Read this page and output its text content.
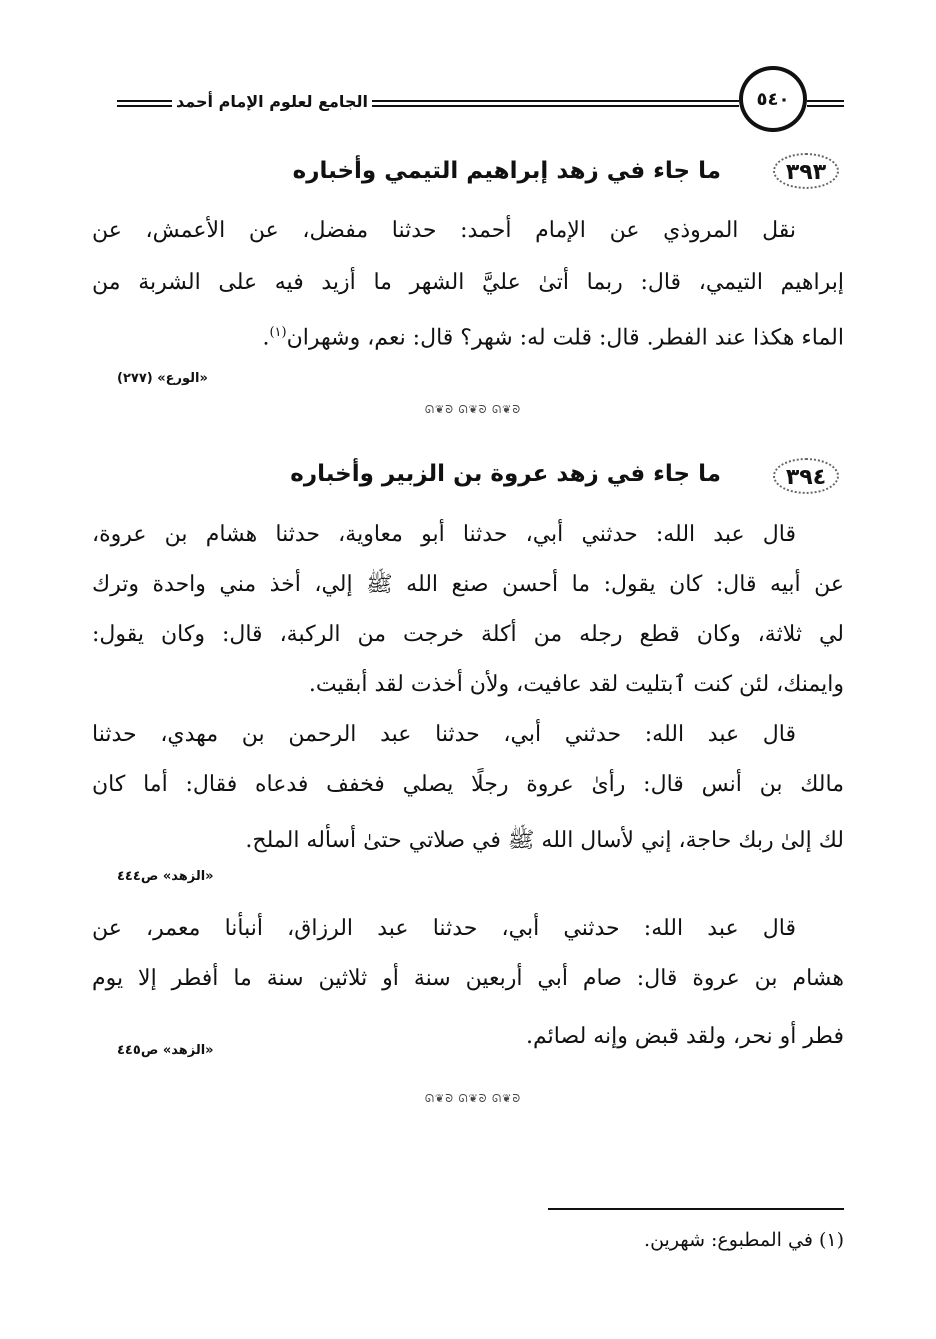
الجامع لعلوم الإمام أحمد	٥٤٠
٣٩٣
ما جاء في زهد إبراهيم التيمي وأخباره
نقل المروذي عن الإمام أحمد: حدثنا مفضل، عن الأعمش، عن
إبراهيم التيمي، قال: ربما أتىٰ عليَّ الشهر ما أزيد فيه على الشربة من
الماء هكذا عند الفطر. قال: قلت له: شهر؟ قال: نعم، وشهران$^{(١)}$.
«الورع» (٢٧٧)
ᘏ❦ᘐ ᘏ❦ᘐ ᘏ❦ᘐ
٣٩٤
ما جاء في زهد عروة بن الزبير وأخباره
قال عبد الله: حدثني أبي، حدثنا أبو معاوية، حدثنا هشام بن عروة،
عن أبيه قال: كان يقول: ما أحسن صنع الله ﷺ إلي، أخذ مني واحدة وترك
لي ثلاثة، وكان قطع رجله من أكلة خرجت من الركبة، قال: وكان يقول:
وايمنك، لئن كنت ٱبتليت لقد عافيت، ولأن أخذت لقد أبقيت.
قال عبد الله: حدثني أبي، حدثنا عبد الرحمن بن مهدي، حدثنا
مالك بن أنس قال: رأىٰ عروة رجلًا يصلي فخفف فدعاه فقال: أما كان
لك إلىٰ ربك حاجة، إني لأسال الله ﷺ في صلاتي حتىٰ أسأله الملح.
«الزهد» ص٤٤٤
قال عبد الله: حدثني أبي، حدثنا عبد الرزاق، أنبأنا معمر، عن
هشام بن عروة قال: صام أبي أربعين سنة أو ثلاثين سنة ما أفطر إلا يوم
فطر أو نحر، ولقد قبض وإنه لصائم.
«الزهد» ص٤٤٥
ᘏ❦ᘐ ᘏ❦ᘐ ᘏ❦ᘐ
(١) في المطبوع: شهرين.
